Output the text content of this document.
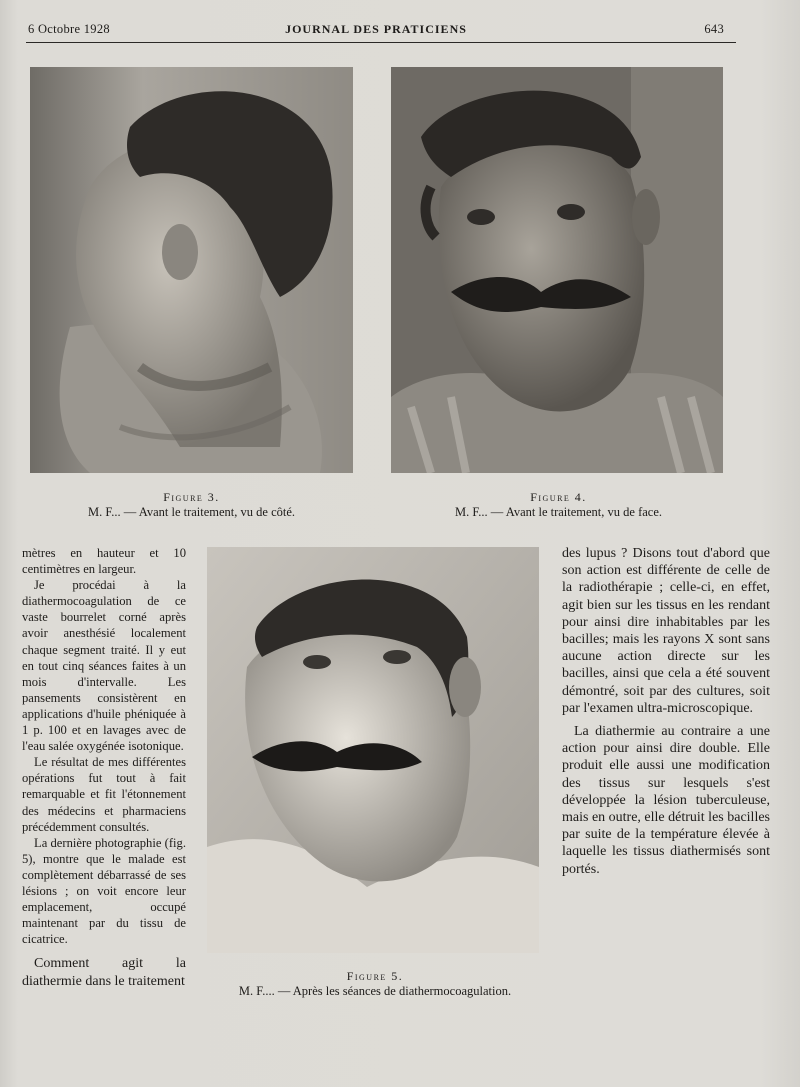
6 Octobre 1928	JOURNAL DES PRATICIENS	643
Figure 3.
M. F... — Avant le traitement, vu de côté.
Figure 4.
M. F... — Avant le traitement, vu de face.

mètres en hauteur et 10 centimètres en largeur.

Je procédai à la diathermocoagulation de ce vaste bourrelet corné après avoir anesthésié localement chaque segment traité. Il y eut en tout cinq séances faites à un mois d'intervalle. Les pansements consistèrent en applications d'huile phéniquée à 1 p. 100 et en lavages avec de l'eau salée oxygénée isotonique.

Le résultat de mes différentes opérations fut tout à fait remarquable et fit l'étonnement des médecins et pharmaciens précédemment consultés.

La dernière photographie (fig. 5), montre que le malade est complètement débarrassé de ses lésions ; on voit encore leur emplacement, occupé maintenant par du tissu de cicatrice.

Comment agit la diathermie dans le traitement	Figure 5.
M. F.... — Après les séances de diathermocoagulation.

des lupus ? Disons tout d'abord que son action est différente de celle de la radiothérapie ; celle-ci, en effet, agit bien sur les tissus en les rendant pour ainsi dire inhabitables par les bacilles; mais les rayons X sont sans aucune action directe sur les bacilles, ainsi que cela a été souvent démontré, soit par des cultures, soit par l'examen ultra-microscopique.

La diathermie au contraire a une action pour ainsi dire double. Elle produit elle aussi une modification des tissus sur lesquels s'est développée la lésion tuberculeuse, mais en outre, elle détruit les bacilles par suite de la température élevée à laquelle les tissus diathermisés sont portés.
